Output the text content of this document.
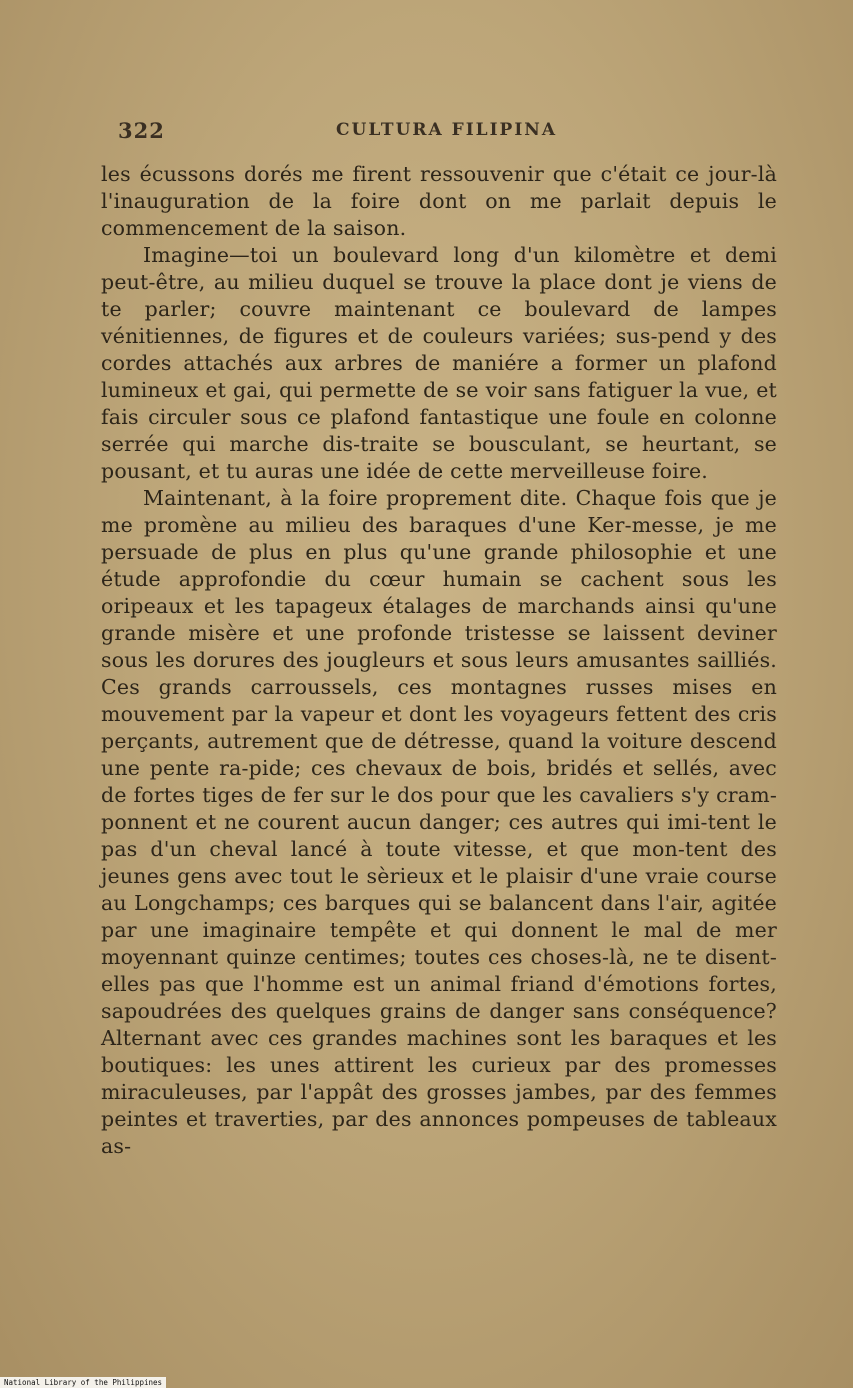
322	CULTURA FILIPINA

les écussons dorés me firent ressouvenir que c'était ce jour-là l'inauguration de la foire dont on me parlait depuis le commencement de la saison.

Imagine—toi un boulevard long d'un kilomètre et demi peut-être, au milieu duquel se trouve la place dont je viens de te parler; couvre maintenant ce boulevard de lampes vénitiennes, de figures et de couleurs variées; sus-pend y des cordes attachés aux arbres de maniére a former un plafond lumineux et gai, qui permette de se voir sans fatiguer la vue, et fais circuler sous ce plafond fantastique une foule en colonne serrée qui marche dis-traite se bousculant, se heurtant, se pousant, et tu auras une idée de cette merveilleuse foire.

Maintenant, à la foire proprement dite. Chaque fois que je me promène au milieu des baraques d'une Ker-messe, je me persuade de plus en plus qu'une grande philosophie et une étude approfondie du cœur humain se cachent sous les oripeaux et les tapageux étalages de marchands ainsi qu'une grande misère et une profonde tristesse se laissent deviner sous les dorures des jougleurs et sous leurs amusantes sailliés. Ces grands carroussels, ces montagnes russes mises en mouvement par la vapeur et dont les voyageurs fettent des cris perçants, autrement que de détresse, quand la voiture descend une pente ra-pide; ces chevaux de bois, bridés et sellés, avec de fortes tiges de fer sur le dos pour que les cavaliers s'y cram-ponnent et ne courent aucun danger; ces autres qui imi-tent le pas d'un cheval lancé à toute vitesse, et que mon-tent des jeunes gens avec tout le sèrieux et le plaisir d'une vraie course au Longchamps; ces barques qui se balancent dans l'air, agitée par une imaginaire tempête et qui donnent le mal de mer moyennant quinze centimes; toutes ces choses-là, ne te disent-elles pas que l'homme est un animal friand d'émotions fortes, sapoudrées des quelques grains de danger sans conséquence? Alternant avec ces grandes machines sont les baraques et les boutiques: les unes attirent les curieux par des promesses miraculeuses, par l'appât des grosses jambes, par des femmes peintes et traverties, par des annonces pompeuses de tableaux as-

National Library of the Philippines
